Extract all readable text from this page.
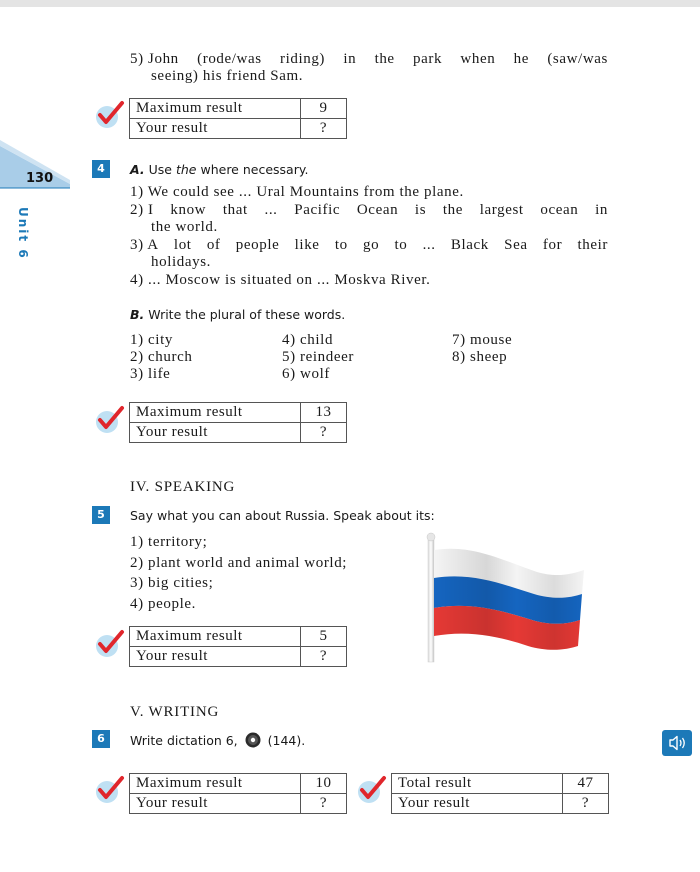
130
Unit 6
5) John (rode/was riding) in the park when he (saw/was
seeing) his friend Sam.
Maximum result	9
Your result	?
4	A. Use the where necessary.
1) We could see ... Ural Mountains from the plane.
2) I know that ... Pacific Ocean is the largest ocean in
the world.
3) A lot of people like to go to ... Black Sea for their
holidays.
4) ... Moscow is situated on ... Moskva River.
B. Write the plural of these words.
1) city
2) church
3) life
4) child
5) reindeer
6) wolf
7) mouse
8) sheep
Maximum result	13
Your result	?
IV. SPEAKING
5	Say what you can about Russia. Speak about its:
1) territory;
2) plant world and animal world;
3) big cities;
4) people.
Maximum result	5
Your result	?
V. WRITING
6	Write dictation 6, (144).
Maximum result	10
Your result	?
Total result	47
Your result	?
